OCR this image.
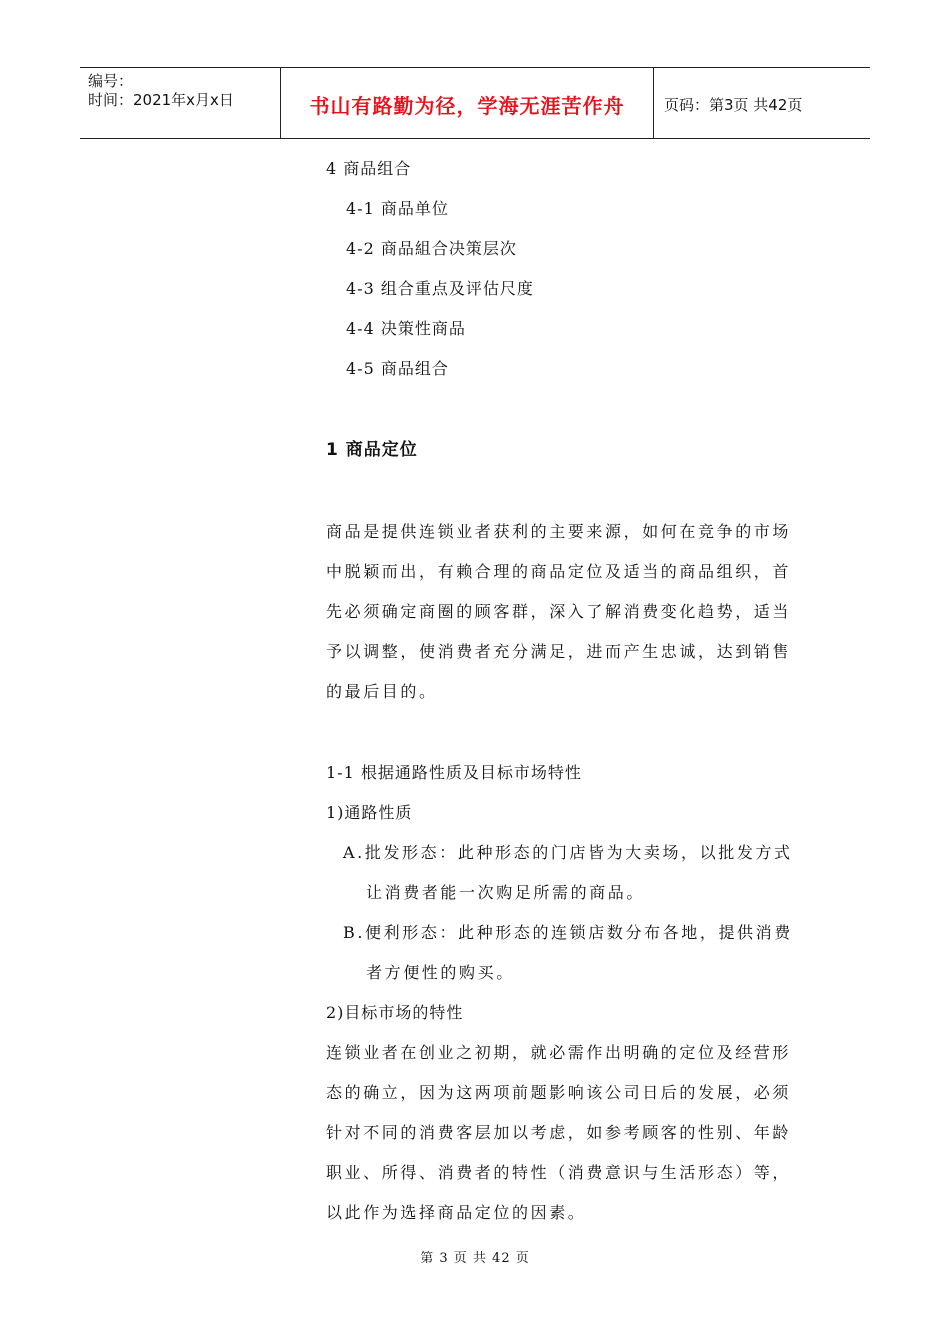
编号：
时间：2021年x月x日	书山有路勤为径，学海无涯苦作舟	页码：第3页 共42页
4 商品组合
4-1 商品单位
4-2 商品組合决策层次
4-3 组合重点及评估尺度
4-4 决策性商品
4-5 商品组合
1 商品定位
商品是提供连锁业者获利的主要来源，如何在竞争的市场
中脱颖而出，有赖合理的商品定位及适当的商品组织，首
先必须确定商圈的顾客群，深入了解消费变化趋势，适当
予以调整，使消费者充分满足，进而产生忠诚，达到销售
的最后目的。
1-1 根据通路性质及目标市场特性
1)通路性质
A.批发形态：此种形态的门店皆为大卖场，以批发方式
让消费者能一次购足所需的商品。
B.便利形态：此种形态的连锁店数分布各地，提供消费
者方便性的购买。
2)目标市场的特性
连锁业者在创业之初期，就必需作出明确的定位及经营形
态的确立，因为这两项前题影响该公司日后的发展，必须
针对不同的消费客层加以考虑，如参考顾客的性别、年龄
职业、所得、消费者的特性（消费意识与生活形态）等，
以此作为选择商品定位的因素。
第 3 页 共 42 页
